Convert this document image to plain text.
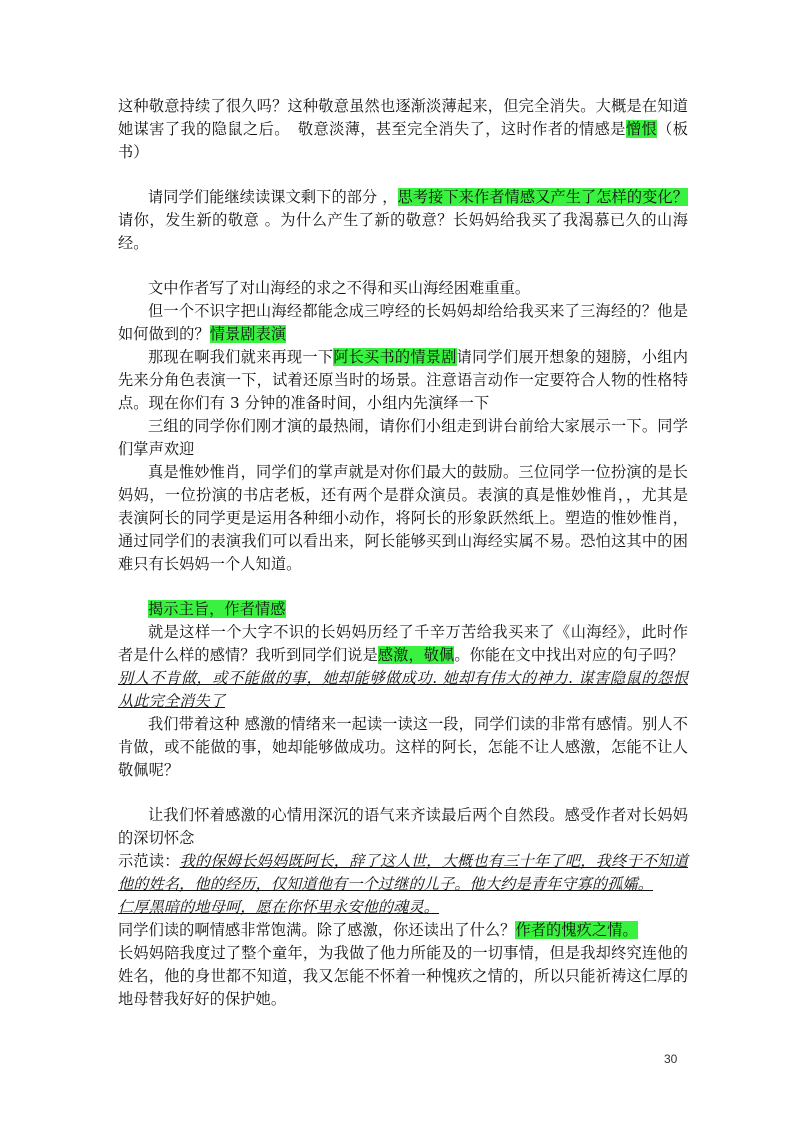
这种敬意持续了很久吗？这种敬意虽然也逐渐淡薄起来，但完全消失。大概是在知道她谋害了我的隐鼠之后。　敬意淡薄，甚至完全消失了，这时作者的情感是憎恨（板书）

请同学们能继续读课文剩下的部分 ，思考接下来作者情感又产生了怎样的变化？

请你，发生新的敬意 。为什么产生了新的敬意？长妈妈给我买了我渴慕已久的山海经。

文中作者写了对山海经的求之不得和买山海经困难重重。

但一个不识字把山海经都能念成三哼经的长妈妈却给给我买来了三海经的？他是如何做到的？情景剧表演

那现在啊我们就来再现一下阿长买书的情景剧请同学们展开想象的翅膀，小组内先来分角色表演一下，试着还原当时的场景。注意语言动作一定要符合人物的性格特点。现在你们有 3 分钟的准备时间，小组内先演绎一下

三组的同学你们刚才演的最热闹，请你们小组走到讲台前给大家展示一下。同学们掌声欢迎

真是惟妙惟肖，同学们的掌声就是对你们最大的鼓励。三位同学一位扮演的是长妈妈，一位扮演的书店老板，还有两个是群众演员。表演的真是惟妙惟肖，，尤其是表演阿长的同学更是运用各种细小动作，将阿长的形象跃然纸上。塑造的惟妙惟肖，通过同学们的表演我们可以看出来，阿长能够买到山海经实属不易。恐怕这其中的困难只有长妈妈一个人知道。

揭示主旨，作者情感

就是这样一个大字不识的长妈妈历经了千辛万苦给我买来了《山海经》，此时作者是什么样的感情？我听到同学们说是感激，敬佩。你能在文中找出对应的句子吗？

别人不肯做，或不能做的事，她却能够做成功. 她却有伟大的神力. 谋害隐鼠的怨恨从此完全消失了

我们带着这种 感激的情绪来一起读一读这一段，同学们读的非常有感情。别人不肯做，或不能做的事，她却能够做成功。这样的阿长，怎能不让人感激，怎能不让人敬佩呢？

让我们怀着感激的心情用深沉的语气来齐读最后两个自然段。感受作者对长妈妈的深切怀念

示范读：我的保姆长妈妈既阿长，辞了这人世，大概也有三十年了吧，我终于不知道他的姓名，他的经历，仅知道他有一个过继的儿子。他大约是青年守寡的孤孀。

仁厚黑暗的地母呵，愿在你怀里永安他的魂灵。

同学们读的啊情感非常饱满。除了感激，你还读出了什么？作者的愧疚之情。

长妈妈陪我度过了整个童年，为我做了他力所能及的一切事情，但是我却终究连他的姓名，他的身世都不知道，我又怎能不怀着一种愧疚之情的，所以只能祈祷这仁厚的地母替我好好的保护她。

30
